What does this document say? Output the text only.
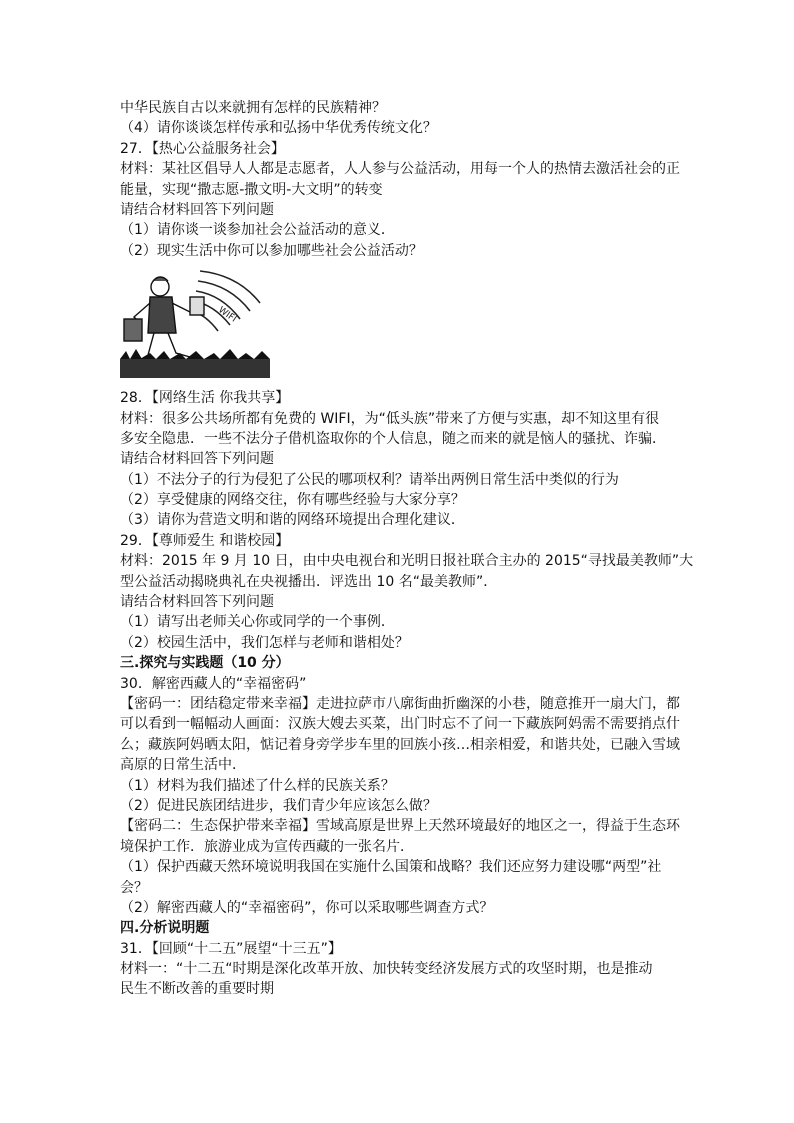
中华民族自古以来就拥有怎样的民族精神？
（4）请你谈谈怎样传承和弘扬中华优秀传统文化？
27．【热心公益服务社会】
材料：某社区倡导人人都是志愿者，人人参与公益活动，用每一个人的热情去激活社会的正
能量，实现“撒志愿-撒文明-大文明”的转变
请结合材料回答下列问题
（1）请你谈一谈参加社会公益活动的意义．
（2）现实生活中你可以参加哪些社会公益活动？
WIFI
28．【网络生活 你我共享】
材料：很多公共场所都有免费的 WIFI，为“低头族”带来了方便与实惠，却不知这里有很
多安全隐患．一些不法分子借机盗取你的个人信息，随之而来的就是恼人的骚扰、诈骗．
请结合材料回答下列问题
（1）不法分子的行为侵犯了公民的哪项权利？请举出两例日常生活中类似的行为
（2）享受健康的网络交往，你有哪些经验与大家分享？
（3）请你为营造文明和谐的网络环境提出合理化建议．
29．【尊师爱生 和谐校园】
材料：2015 年 9 月 10 日，由中央电视台和光明日报社联合主办的 2015“寻找最美教师”大
型公益活动揭晓典礼在央视播出．评选出 10 名“最美教师”．
请结合材料回答下列问题
（1）请写出老师关心你或同学的一个事例．
（2）校园生活中，我们怎样与老师和谐相处？
三.探究与实践题（10 分）
30．解密西藏人的“幸福密码”
【密码一：团结稳定带来幸福】走进拉萨市八廓街曲折幽深的小巷，随意推开一扇大门，都
可以看到一幅幅动人画面：汉族大嫂去买菜，出门时忘不了问一下藏族阿妈需不需要捎点什
么；藏族阿妈晒太阳，惦记着身旁学步车里的回族小孩…相亲相爱，和谐共处，已融入雪域
高原的日常生活中．
（1）材料为我们描述了什么样的民族关系？
（2）促进民族团结进步，我们青少年应该怎么做？
【密码二：生态保护带来幸福】雪域高原是世界上天然环境最好的地区之一，得益于生态环
境保护工作．旅游业成为宣传西藏的一张名片．
（1）保护西藏天然环境说明我国在实施什么国策和战略？我们还应努力建设哪“两型”社
会？
（2）解密西藏人的“幸福密码”，你可以采取哪些调查方式？
四.分析说明题
31．【回顾“十二五”展望“十三五”】
材料一：“十二五“时期是深化改革开放、加快转变经济发展方式的攻坚时期，也是推动
民生不断改善的重要时期
